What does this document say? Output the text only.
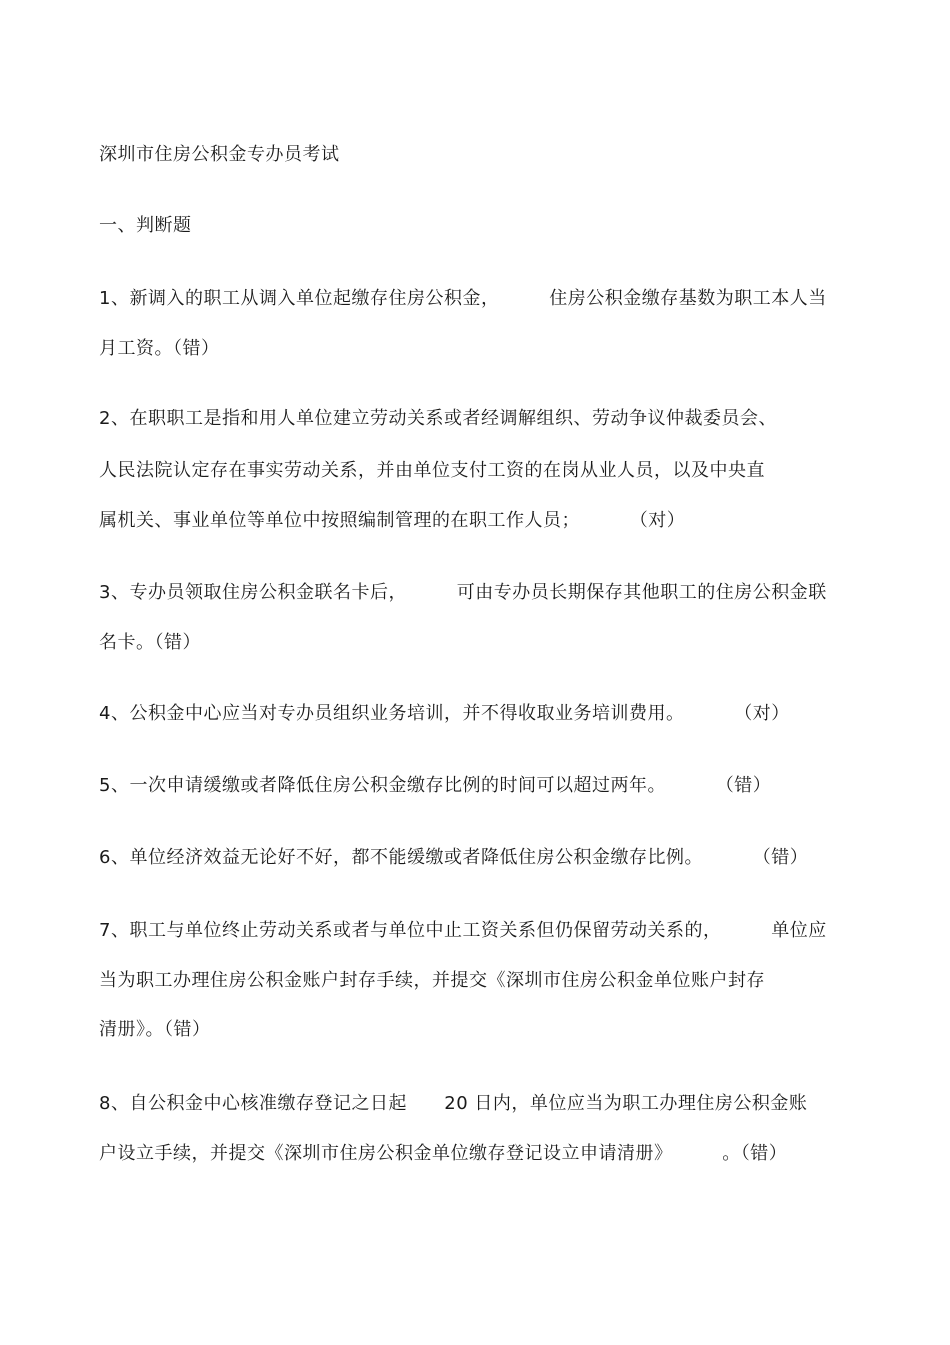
深圳市住房公积金专办员考试
一、判断题
1、新调入的职工从调入单位起缴存住房公积金，        住房公积金缴存基数为职工本人当
月工资。（错）
2、在职职工是指和用人单位建立劳动关系或者经调解组织、劳动争议仲裁委员会、
人民法院认定存在事实劳动关系，并由单位支付工资的在岗从业人员，以及中央直
属机关、事业单位等单位中按照编制管理的在职工作人员；        （对）
3、专办员领取住房公积金联名卡后，        可由专办员长期保存其他职工的住房公积金联
名卡。（错）
4、公积金中心应当对专办员组织业务培训，并不得收取业务培训费用。        （对）
5、一次申请缓缴或者降低住房公积金缴存比例的时间可以超过两年。        （错）
6、单位经济效益无论好不好，都不能缓缴或者降低住房公积金缴存比例。        （错）
7、职工与单位终止劳动关系或者与单位中止工资关系但仍保留劳动关系的，        单位应
当为职工办理住房公积金账户封存手续，并提交《深圳市住房公积金单位账户封存
清册》。（错）
8、自公积金中心核准缴存登记之日起      20 日内，单位应当为职工办理住房公积金账
户设立手续，并提交《深圳市住房公积金单位缴存登记设立申请清册》        。（错）
